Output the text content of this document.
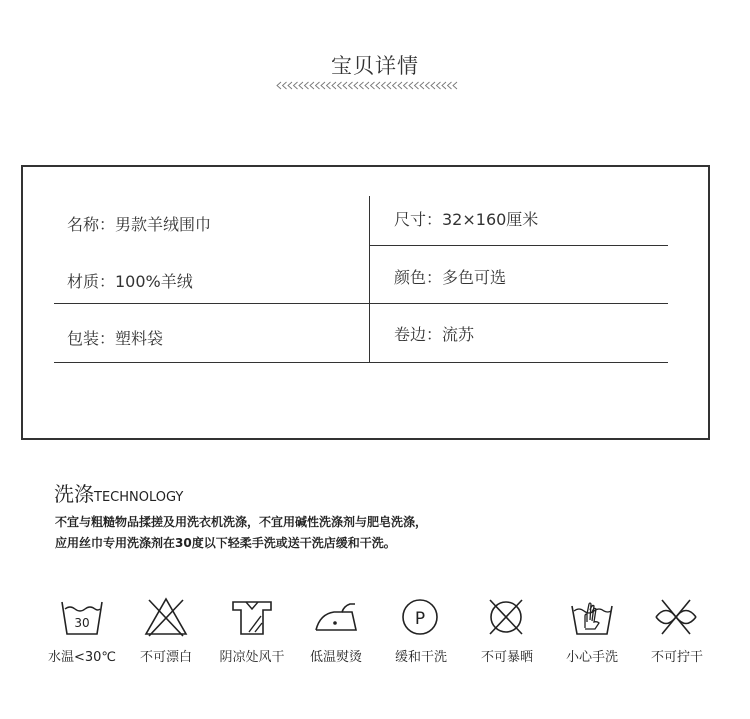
宝贝详情
名称：男款羊绒围巾	尺寸：32×160厘米
材质：100%羊绒	颜色：多色可选
包装：塑料袋	卷边：流苏
洗涤TECHNOLOGY
不宜与粗糙物品揉搓及用洗衣机洗涤，不宜用碱性洗涤剂与肥皂洗涤，
应用丝巾专用洗涤剂在30度以下轻柔手洗或送干洗店缓和干洗。
30	P
水温<30℃	不可漂白	阴凉处风干	低温熨烫	缓和干洗	不可暴晒	小心手洗	不可拧干
